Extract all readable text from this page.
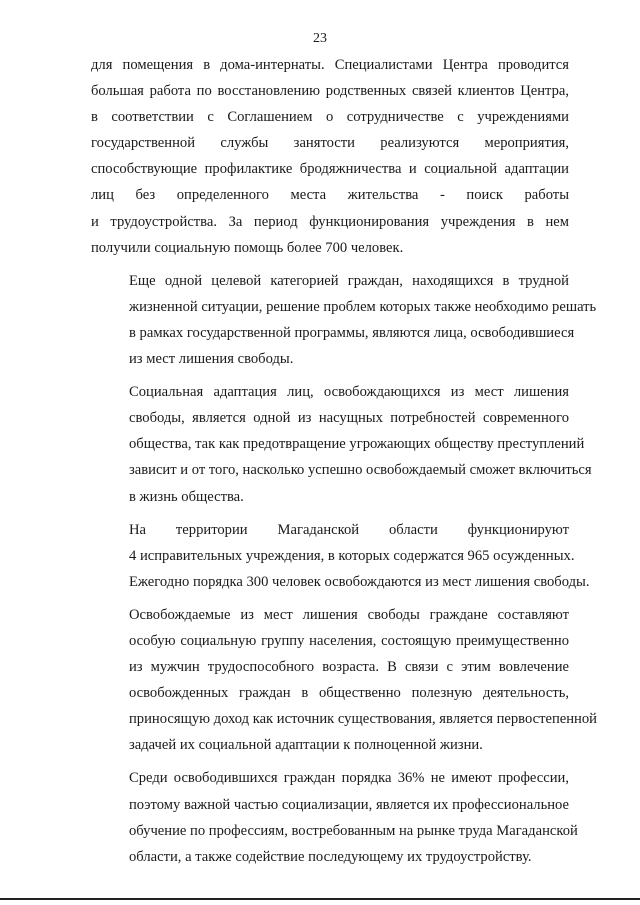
23

для помещения в дома-интернаты. Специалистами Центра проводится
большая работа по восстановлению родственных связей клиентов Центра,
в соответствии с Соглашением о сотрудничестве с учреждениями
государственной службы занятости реализуются мероприятия,
способствующие профилактике бродяжничества и социальной адаптации
лиц без определенного места жительства - поиск работы
и трудоустройства. За период функционирования учреждения в нем
получили социальную помощь более 700 человек.

Еще одной целевой категорией граждан, находящихся в трудной
жизненной ситуации, решение проблем которых также необходимо решать
в рамках государственной программы, являются лица, освободившиеся
из мест лишения свободы.

Социальная адаптация лиц, освобождающихся из мест лишения
свободы, является одной из насущных потребностей современного
общества, так как предотвращение угрожающих обществу преступлений
зависит и от того, насколько успешно освобождаемый сможет включиться
в жизнь общества.

На территории Магаданской области функционируют
4 исправительных учреждения, в которых содержатся 965 осужденных.
Ежегодно порядка 300 человек освобождаются из мест лишения свободы.

Освобождаемые из мест лишения свободы граждане составляют
особую социальную группу населения, состоящую преимущественно
из мужчин трудоспособного возраста. В связи с этим вовлечение
освобожденных граждан в общественно полезную деятельность,
приносящую доход как источник существования, является первостепенной
задачей их социальной адаптации к полноценной жизни.

Среди освободившихся граждан порядка 36% не имеют профессии,
поэтому важной частью социализации, является их профессиональное
обучение по профессиям, востребованным на рынке труда Магаданской
области, а также содействие последующему их трудоустройству.
